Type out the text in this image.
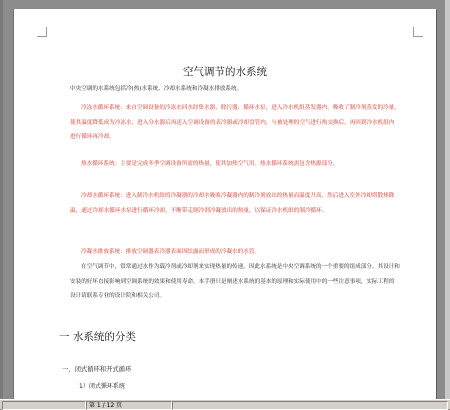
空气调节的水系统
中央空调的水系统包括冷(热)水系统、冷却水系统和冷凝水排放系统。
冷冻水循环系统：来自空调设备的冷冻水回水经集水器、除污器、循环水泵，进入冷水机组蒸发器内，吸收了制冷剂蒸发的冷量，使其温度降低成为冷冻水，进入分水器后再送入空调设备的表冷器或冷却盘管内，与被处理的空气进行热交换后，再回到冷水机组内进行循环再冷却。
热水循环系统：主要是完成冬季空调设备所需的热量，使其加热空气用。热水循环系统需包含热源部分。
冷却水循环系统：进入制冷水机组的冷凝器的冷却水吸收冷凝器内的制冷剂放出的热量而温度升高，然后进入室外冷却塔散热降温，通过冷却水循环水泵进行循环冷却，不断带走制冷剂冷凝放出的热量，以保证冷水机组的制冷循环。
冷凝水排放系统：排放空调器表冷器表面因结露而形成的冷凝水的水管。
在空气调节中，常常通过水作为载冷剂或冷却剂来实现热量的传递。因此水系统是中央空调系统的一个重要的组成部分。其设计和安装的好坏直接影响到空调系统的效果和使用寿命。本手册只是阐述水系统的基本的原理和实际使用中的一些注意事项，实际工程的设计请联系专业的设计院和相关公司。
一 水系统的分类
一、闭式循环和开式循环
1）闭式循环系统
第 1 / 12 页
